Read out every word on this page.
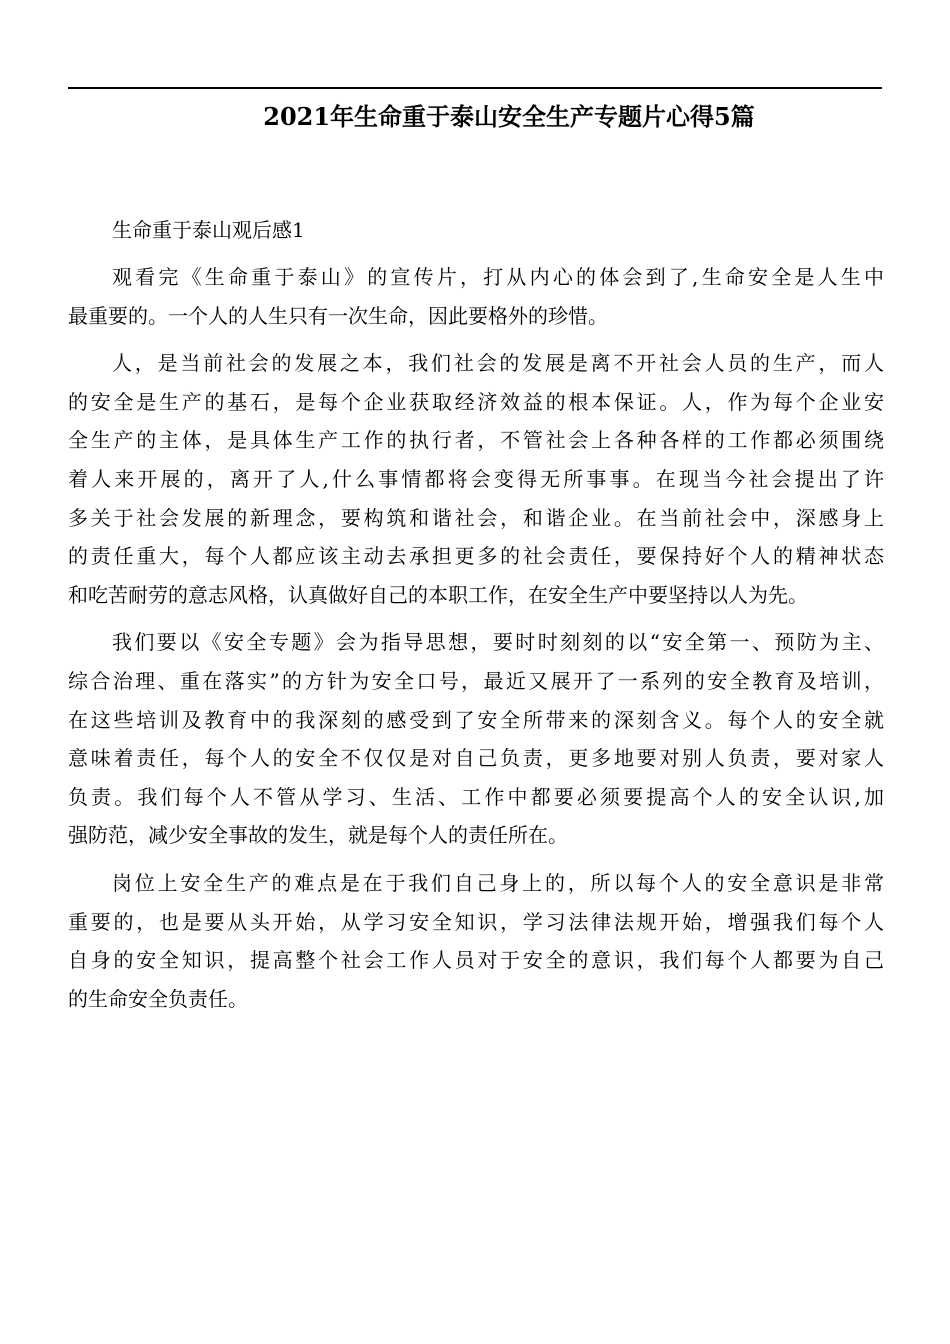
2021年生命重于泰山安全生产专题片心得5篇
生命重于泰山观后感1

观看完《生命重于泰山》的宣传片，打从内心的体会到了,生命安全是人生中
最重要的。一个人的人生只有一次生命，因此要格外的珍惜。

人，是当前社会的发展之本，我们社会的发展是离不开社会人员的生产，而人
的安全是生产的基石，是每个企业获取经济效益的根本保证。人，作为每个企业安
全生产的主体，是具体生产工作的执行者，不管社会上各种各样的工作都必须围绕
着人来开展的，离开了人,什么事情都将会变得无所事事。在现当今社会提出了许
多关于社会发展的新理念，要构筑和谐社会，和谐企业。在当前社会中，深感身上
的责任重大，每个人都应该主动去承担更多的社会责任，要保持好个人的精神状态
和吃苦耐劳的意志风格，认真做好自己的本职工作，在安全生产中要坚持以人为先。

我们要以《安全专题》会为指导思想，要时时刻刻的以“安全第一、预防为主、
综合治理、重在落实”的方针为安全口号，最近又展开了一系列的安全教育及培训，
在这些培训及教育中的我深刻的感受到了安全所带来的深刻含义。每个人的安全就
意味着责任，每个人的安全不仅仅是对自己负责，更多地要对别人负责，要对家人
负责。我们每个人不管从学习、生活、工作中都要必须要提高个人的安全认识,加
强防范，减少安全事故的发生，就是每个人的责任所在。

岗位上安全生产的难点是在于我们自己身上的，所以每个人的安全意识是非常
重要的，也是要从头开始，从学习安全知识，学习法律法规开始，增强我们每个人
自身的安全知识，提高整个社会工作人员对于安全的意识，我们每个人都要为自己
的生命安全负责任。
